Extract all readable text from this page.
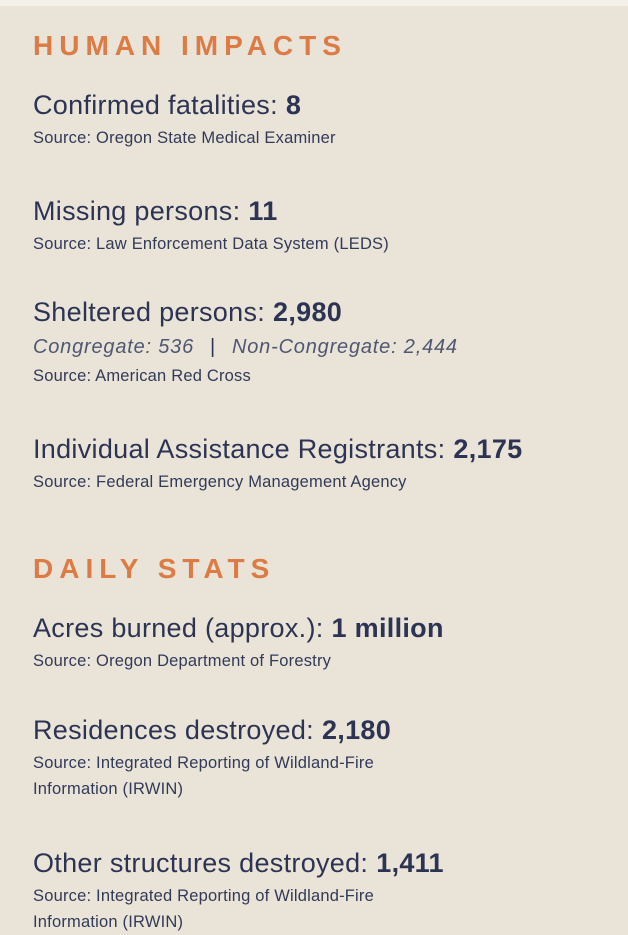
HUMAN IMPACTS
Confirmed fatalities: 8
Source: Oregon State Medical Examiner
Missing persons: 11
Source: Law Enforcement Data System (LEDS)
Sheltered persons: 2,980
Congregate: 536 | Non-Congregate: 2,444
Source: American Red Cross
Individual Assistance Registrants: 2,175
Source: Federal Emergency Management Agency
DAILY STATS
Acres burned (approx.): 1 million
Source: Oregon Department of Forestry
Residences destroyed: 2,180
Source: Integrated Reporting of Wildland-Fire Information (IRWIN)
Other structures destroyed: 1,411
Source: Integrated Reporting of Wildland-Fire Information (IRWIN)
